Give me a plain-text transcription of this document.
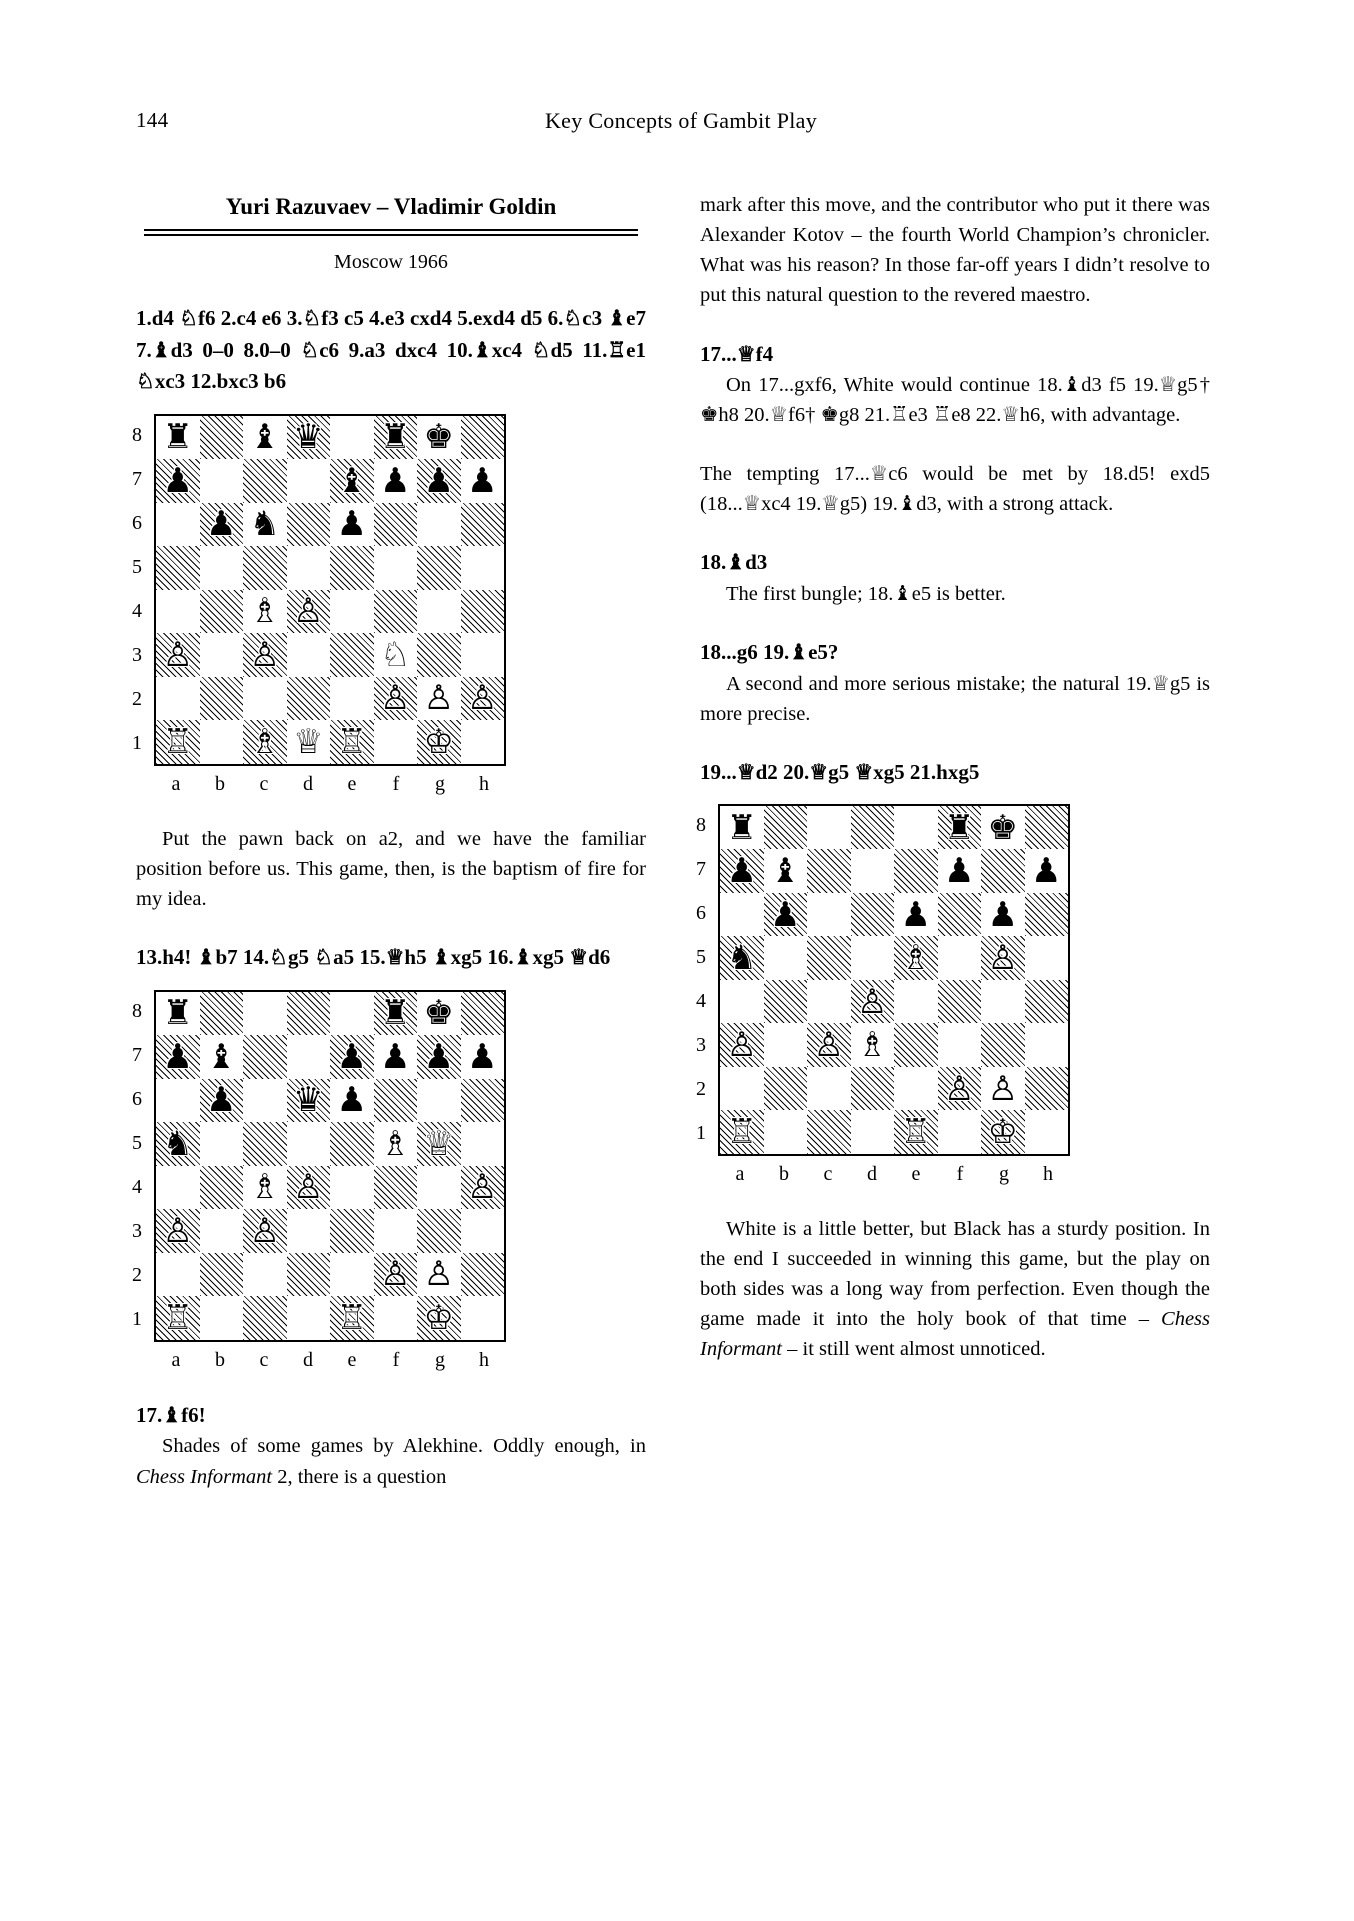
144	Key Concepts of Gambit Play
Yuri Razuvaev – Vladimir Goldin
Moscow 1966
1.d4 ♘f6 2.c4 e6 3.♘f3 c5 4.e3 cxd4 5.exd4 d5 6.♘c3 ♝e7 7.♝d3 0–0 8.0–0 ♘c6 9.a3 dxc4 10.♝xc4 ♘d5 11.♖e1 ♘xc3 12.bxc3 b6
8
7
6
5
4
3
2
1
♜ ♝ ♛ ♜ ♚
♟	♝ ♟ ♟ ♟
♟ ♞ ♟
♗ ♙
♙ ♙	♘
♙ ♙ ♙
♖ ♗ ♕ ♖ ♔
a	b	c	d	e	f	g	h

Put the pawn back on a2, and we have the familiar position before us. This game, then, is the baptism of fire for my idea.

13.h4! ♝b7 14.♘g5 ♘a5 15.♕h5 ♝xg5 16.♝xg5 ♕d6
8
7
6
5
4
3
2
1
♜	♜ ♚
♟ ♝	♟ ♟ ♟ ♟
♟ ♛ ♟
♞	♗ ♕
♗ ♙	♙
♙ ♙
♙ ♙
♖	♖ ♔
a	b	c	d	e	f	g	h
17.♝f6!

Shades of some games by Alekhine. Oddly enough, in Chess Informant 2, there is a question

mark after this move, and the contributor who put it there was Alexander Kotov – the fourth World Champion’s chronicler. What was his reason? In those far-off years I didn’t resolve to put this natural question to the revered maestro.

17...♕f4

On 17...gxf6, White would continue 18.♝d3 f5 19.♕g5† ♚h8 20.♕f6† ♚g8 21.♖e3 ♖e8 22.♕h6, with advantage.

The tempting 17...♕c6 would be met by 18.d5! exd5 (18...♕xc4 19.♕g5) 19.♝d3, with a strong attack.

18.♝d3

The first bungle; 18.♝e5 is better.

18...g6 19.♝e5?

A second and more serious mistake; the natural 19.♕g5 is more precise.

19...♕d2 20.♕g5 ♕xg5 21.hxg5
8
7
6
5
4
3
2
1
♜	♜ ♚
♟ ♝	♟ ♟
♟	♟ ♟
♞	♗ ♙
♙
♙ ♙ ♗
♙ ♙
♖	♖ ♔
a	b	c	d	e	f	g	h

White is a little better, but Black has a sturdy position. In the end I succeeded in winning this game, but the play on both sides was a long way from perfection. Even though the game made it into the holy book of that time – Chess Informant – it still went almost unnoticed.
